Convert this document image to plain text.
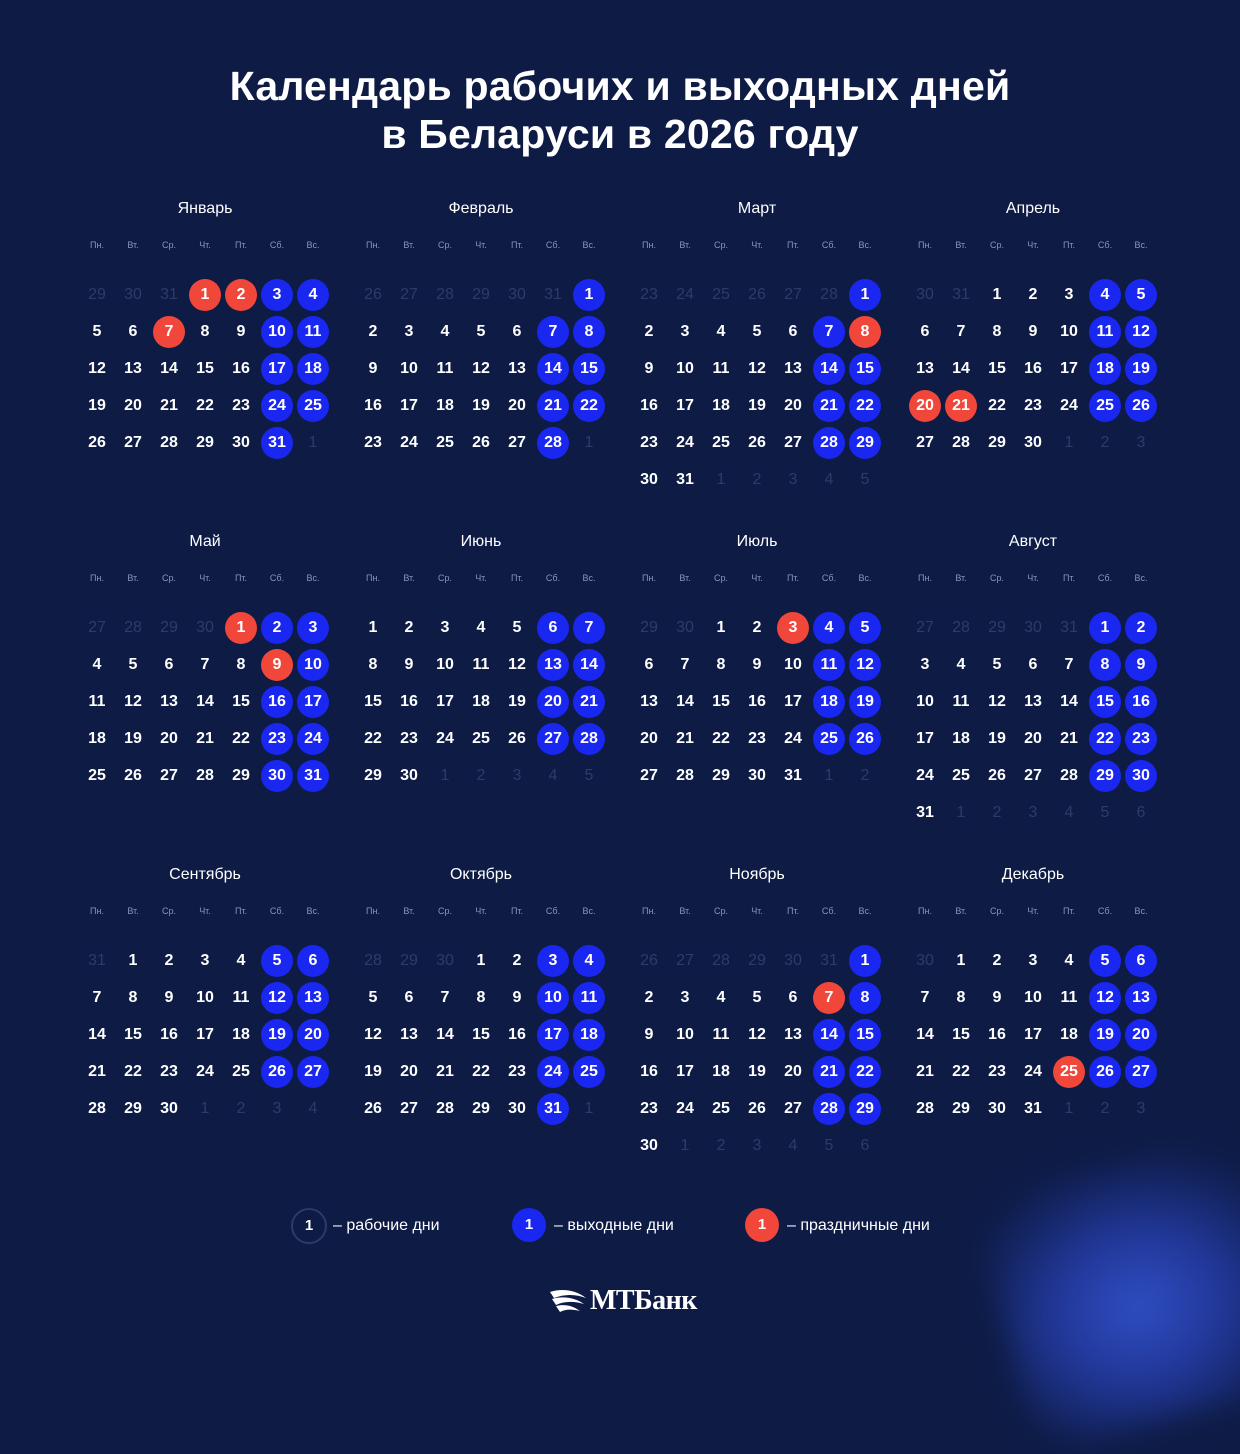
Календарь рабочих и выходных дней
в Беларуси в 2026 году
Январь
Пн.	Вт.	Ср.	Чт.	Пт.	Сб.	Вс.
29	30	31	1	2	3	4
5	6	7	8	9	10	11
12	13	14	15	16	17	18
19	20	21	22	23	24	25
26	27	28	29	30	31	1
Февраль
Пн.	Вт.	Ср.	Чт.	Пт.	Сб.	Вс.
26	27	28	29	30	31	1
2	3	4	5	6	7	8
9	10	11	12	13	14	15
16	17	18	19	20	21	22
23	24	25	26	27	28	1
Март
Пн.	Вт.	Ср.	Чт.	Пт.	Сб.	Вс.
23	24	25	26	27	28	1
2	3	4	5	6	7	8
9	10	11	12	13	14	15
16	17	18	19	20	21	22
23	24	25	26	27	28	29
30	31	1	2	3	4	5
Апрель
Пн.	Вт.	Ср.	Чт.	Пт.	Сб.	Вс.
30	31	1	2	3	4	5
6	7	8	9	10	11	12
13	14	15	16	17	18	19
20	21	22	23	24	25	26
27	28	29	30	1	2	3
Май
Пн.	Вт.	Ср.	Чт.	Пт.	Сб.	Вс.
27	28	29	30	1	2	3
4	5	6	7	8	9	10
11	12	13	14	15	16	17
18	19	20	21	22	23	24
25	26	27	28	29	30	31
Июнь
Пн.	Вт.	Ср.	Чт.	Пт.	Сб.	Вс.
1	2	3	4	5	6	7
8	9	10	11	12	13	14
15	16	17	18	19	20	21
22	23	24	25	26	27	28
29	30	1	2	3	4	5
Июль
Пн.	Вт.	Ср.	Чт.	Пт.	Сб.	Вс.
29	30	1	2	3	4	5
6	7	8	9	10	11	12
13	14	15	16	17	18	19
20	21	22	23	24	25	26
27	28	29	30	31	1	2
Август
Пн.	Вт.	Ср.	Чт.	Пт.	Сб.	Вс.
27	28	29	30	31	1	2
3	4	5	6	7	8	9
10	11	12	13	14	15	16
17	18	19	20	21	22	23
24	25	26	27	28	29	30
31	1	2	3	4	5	6
Сентябрь
Пн.	Вт.	Ср.	Чт.	Пт.	Сб.	Вс.
31	1	2	3	4	5	6
7	8	9	10	11	12	13
14	15	16	17	18	19	20
21	22	23	24	25	26	27
28	29	30	1	2	3	4
Октябрь
Пн.	Вт.	Ср.	Чт.	Пт.	Сб.	Вс.
28	29	30	1	2	3	4
5	6	7	8	9	10	11
12	13	14	15	16	17	18
19	20	21	22	23	24	25
26	27	28	29	30	31	1
Ноябрь
Пн.	Вт.	Ср.	Чт.	Пт.	Сб.	Вс.
26	27	28	29	30	31	1
2	3	4	5	6	7	8
9	10	11	12	13	14	15
16	17	18	19	20	21	22
23	24	25	26	27	28	29
30	1	2	3	4	5	6
Декабрь
Пн.	Вт.	Ср.	Чт.	Пт.	Сб.	Вс.
30	1	2	3	4	5	6
7	8	9	10	11	12	13
14	15	16	17	18	19	20
21	22	23	24	25	26	27
28	29	30	31	1	2	3
1	– рабочие дни	1	– выходные дни	1	– праздничные дни
МТБанк
